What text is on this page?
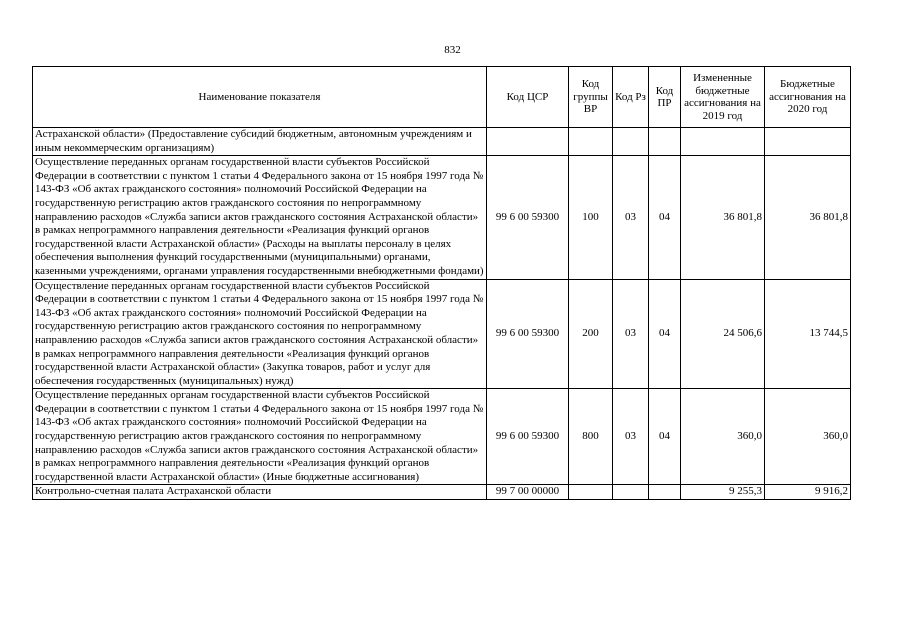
832
Наименование показателя	Код ЦСР	Код группы ВР	Код Рз	Код ПР	Измененные бюджетные ассигнования на 2019 год	Бюджетные ассигнования на 2020 год
Астраханской области» (Предоставление субсидий бюджетным, автономным учреждениям и иным некоммерческим организациям)						
Осуществление переданных органам государственной власти субъектов Российской Федерации в соответствии с пунктом 1 статьи 4 Федерального закона от 15 ноября 1997 года № 143-ФЗ «Об актах гражданского состояния» полномочий Российской Федерации на государственную регистрацию актов гражданского состояния по непрограммному направлению расходов «Служба записи актов гражданского состояния Астраханской области» в рамках непрограммного направления деятельности «Реализация функций органов государственной власти Астраханской области» (Расходы на выплаты персоналу в целях обеспечения выполнения функций государственными (муниципальными) органами, казенными учреждениями, органами управления государственными внебюджетными фондами)	99 6 00 59300	100	03	04	36 801,8	36 801,8
Осуществление переданных органам государственной власти субъектов Российской Федерации в соответствии с пунктом 1 статьи 4 Федерального закона от 15 ноября 1997 года № 143-ФЗ «Об актах гражданского состояния» полномочий Российской Федерации на государственную регистрацию актов гражданского состояния по непрограммному направлению расходов «Служба записи актов гражданского состояния Астраханской области» в рамках непрограммного направления деятельности «Реализация функций органов государственной власти Астраханской области» (Закупка товаров, работ и услуг для обеспечения государственных (муниципальных) нужд)	99 6 00 59300	200	03	04	24 506,6	13 744,5
Осуществление переданных органам государственной власти субъектов Российской Федерации в соответствии с пунктом 1 статьи 4 Федерального закона от 15 ноября 1997 года № 143-ФЗ «Об актах гражданского состояния» полномочий Российской Федерации на государственную регистрацию актов гражданского состояния по непрограммному направлению расходов «Служба записи актов гражданского состояния Астраханской области» в рамках непрограммного направления деятельности «Реализация функций органов государственной власти Астраханской области» (Иные бюджетные ассигнования)	99 6 00 59300	800	03	04	360,0	360,0
Контрольно-счетная палата Астраханской области	99 7 00 00000				9 255,3	9 916,2
